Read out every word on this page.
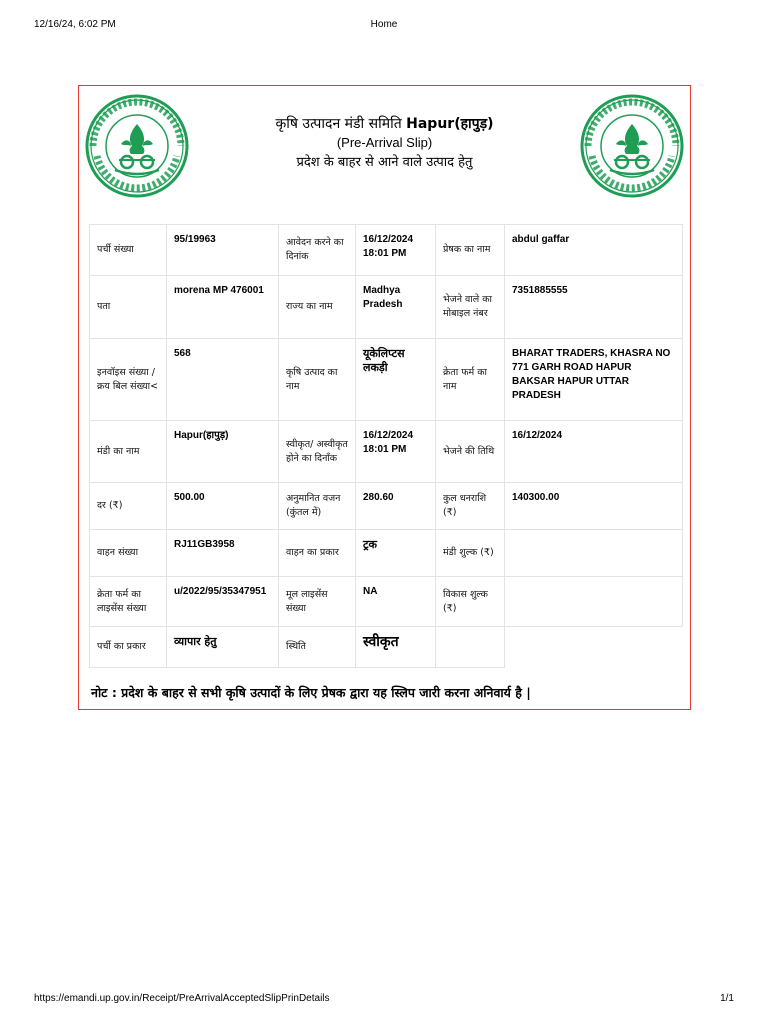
12/16/24, 6:02 PM	Home
कृषि उत्पादन मंडी समिति Hapur(हापुड़)
(Pre-Arrival Slip)
प्रदेश के बाहर से आने वाले उत्पाद हेतु
पर्ची संख्या	95/19963	आवेदन करने का दिनांक	16/12/2024 18:01 PM	प्रेषक का नाम	abdul gaffar
पता	morena MP 476001	राज्य का नाम	Madhya Pradesh	भेजने वाले का मोबाइल नंबर	7351885555
इनवॉइस संख्या / क्रय बिल संख्या<	568	कृषि उत्पाद का नाम	यूकेलिप्टस लकड़ी	क्रेता फर्म का नाम	BHARAT TRADERS, KHASRA NO 771 GARH ROAD HAPUR BAKSAR HAPUR UTTAR PRADESH
मंडी का नाम	Hapur(हापुड़)	स्वीकृत/ अस्वीकृत होने का दिनाँक	16/12/2024 18:01 PM	भेजने की तिथि	16/12/2024
दर (₹)	500.00	अनुमानित वजन (कुंतल में)	280.60	कुल धनराशि (₹)	140300.00
वाहन संख्या	RJ11GB3958	वाहन का प्रकार	ट्रक	मंडी शुल्क (₹)	
क्रेता फर्म का लाइसेंस संख्या	u/2022/95/35347951	मूल लाइसेंस संख्या	NA	विकास शुल्क (₹)	
पर्ची का प्रकार	व्यापार हेतु	स्थिति	स्वीकृत		
नोट : प्रदेश के बाहर से सभी कृषि उत्पादों के लिए प्रेषक द्वारा यह स्लिप जारी करना अनिवार्य है |
https://emandi.up.gov.in/Receipt/PreArrivalAcceptedSlipPrinDetails	1/1
